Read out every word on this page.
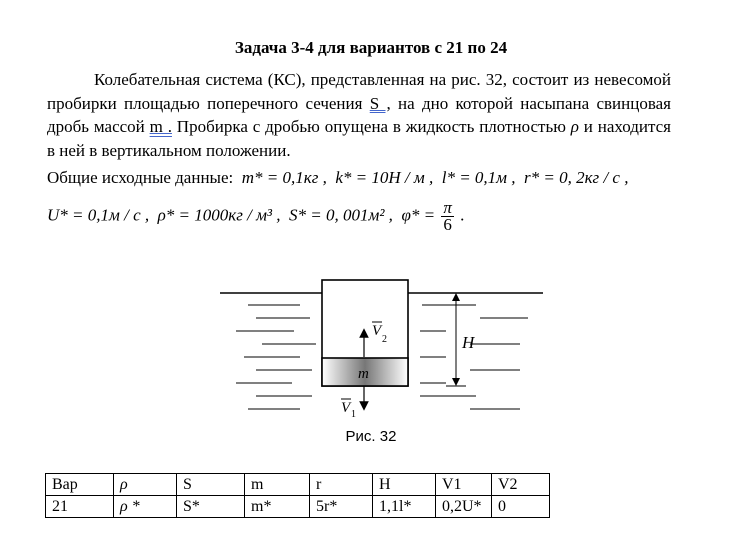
Задача 3-4 для вариантов с 21 по 24
Колебательная система (КС), представленная на рис. 32, состоит из невесомой пробирки площадью поперечного сечения S , на дно которой насыпана свинцовая дробь массой m . Пробирка с дробью опущена в жидкость плотностью ρ и находится в ней в вертикальном положении.
Общие исходные данные: m* = 0,1кг , k* = 10Н / м , l* = 0,1м , r* = 0, 2кг / с ,
U* = 0,1м / с , ρ* = 1000кг / м³ , S* = 0, 001м² , $\varphi* = \frac{\pi}{6}$ .
m
V
2
V 1
H
Рис. 32
Вар	ρ	S	m	r	H	V1	V2
21	ρ *	S*	m*	5r*	1,1l*	0,2U*	0
